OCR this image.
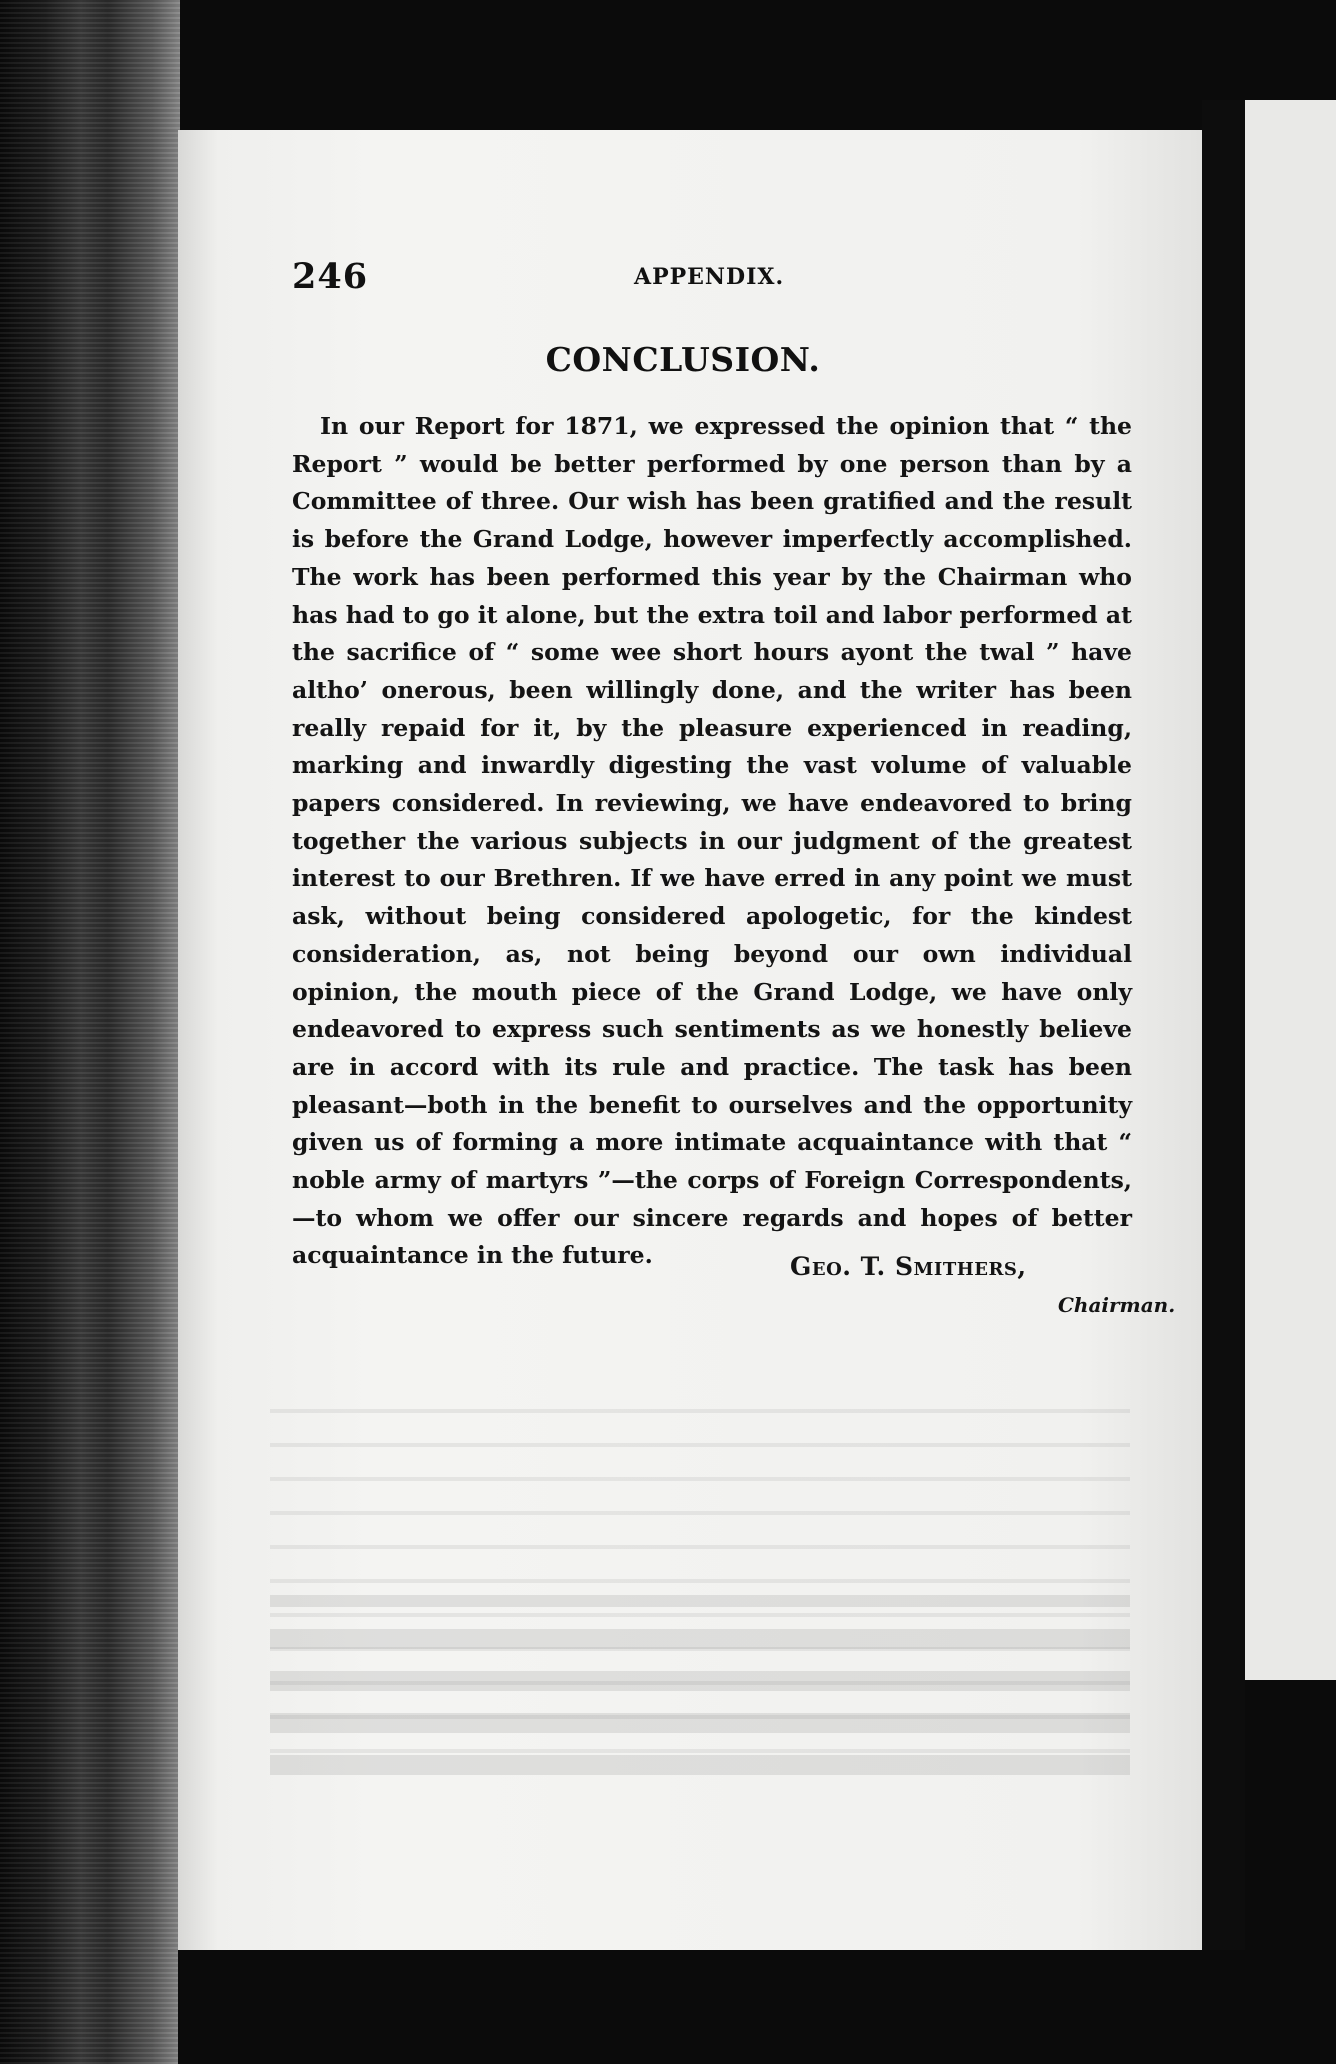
246	APPENDIX.
CONCLUSION.

In our Report for 1871, we expressed the opinion that “ the Report ” would be better performed by one person than by a Committee of three. Our wish has been gratified and the result is before the Grand Lodge, however imperfectly accomplished. The work has been performed this year by the Chairman who has had to go it alone, but the extra toil and labor performed at the sacrifice of “ some wee short hours ayont the twal ” have altho’ onerous, been willingly done, and the writer has been really repaid for it, by the pleasure experienced in reading, marking and inwardly digesting the vast volume of valuable papers considered. In reviewing, we have endeavored to bring together the various subjects in our judgment of the greatest interest to our Brethren. If we have erred in any point we must ask, without being considered apologetic, for the kindest consideration, as, not being beyond our own individual opinion, the mouth piece of the Grand Lodge, we have only endeavored to express such sentiments as we honestly believe are in accord with its rule and practice. The task has been pleasant—both in the benefit to ourselves and the opportunity given us of forming a more intimate acquaintance with that “ noble army of martyrs ”—the corps of Foreign Correspondents,—to whom we offer our sincere regards and hopes of better acquaintance in the future.	Geo. T. Smithers,
Chairman.
